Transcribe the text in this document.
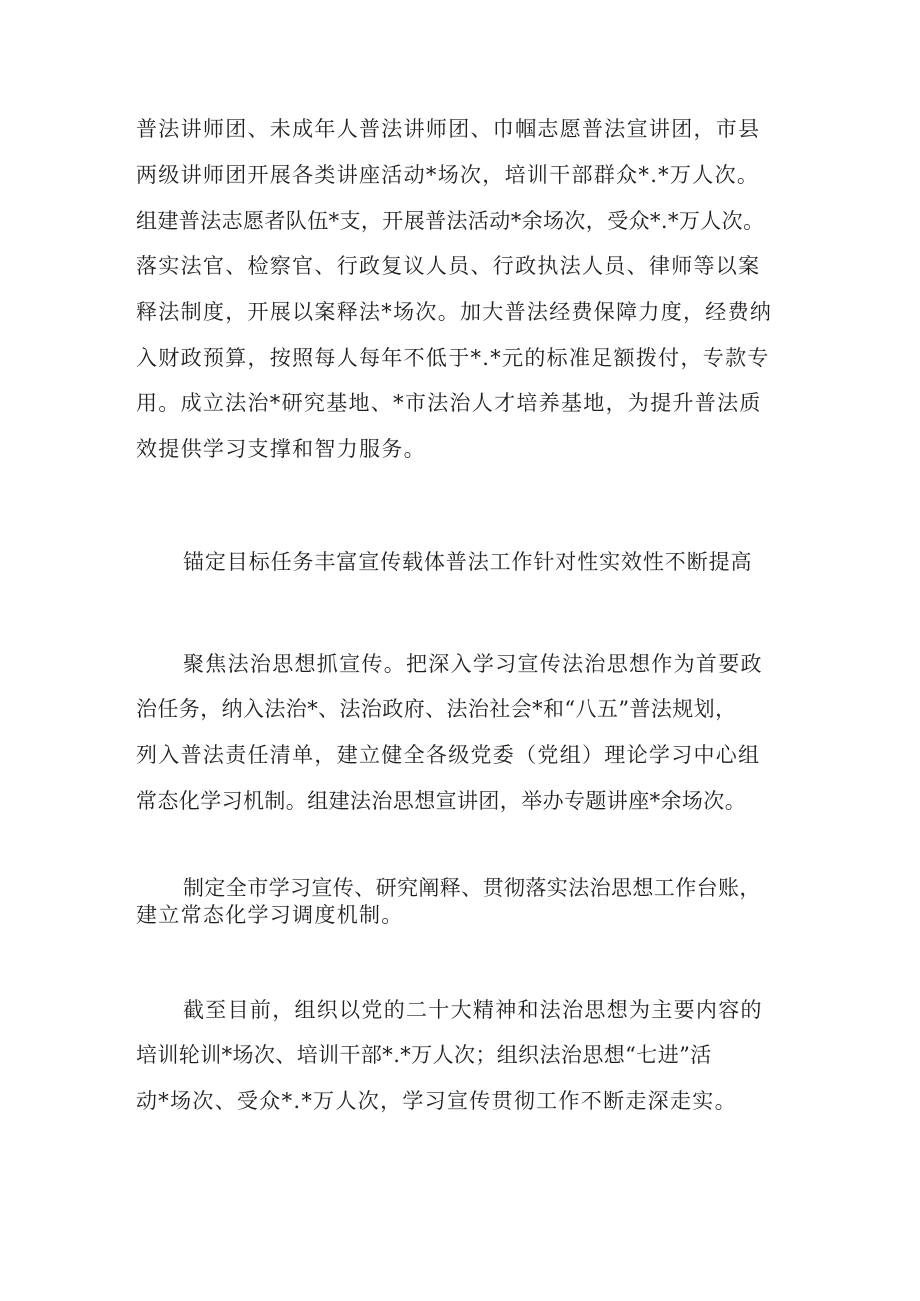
普法讲师团、未成年人普法讲师团、巾帼志愿普法宣讲团，市县
两级讲师团开展各类讲座活动*场次，培训干部群众*.*万人次。
组建普法志愿者队伍*支，开展普法活动*余场次，受众*.*万人次。
落实法官、检察官、行政复议人员、行政执法人员、律师等以案
释法制度，开展以案释法*场次。加大普法经费保障力度，经费纳
入财政预算，按照每人每年不低于*.*元的标准足额拨付，专款专
用。成立法治*研究基地、*市法治人才培养基地，为提升普法质
效提供学习支撑和智力服务。
锚定目标任务丰富宣传载体普法工作针对性实效性不断提高
聚焦法治思想抓宣传。把深入学习宣传法治思想作为首要政
治任务，纳入法治*、法治政府、法治社会*和“八五”普法规划，
列入普法责任清单，建立健全各级党委（党组）理论学习中心组
常态化学习机制。组建法治思想宣讲团，举办专题讲座*余场次。
制定全市学习宣传、研究阐释、贯彻落实法治思想工作台账，
建立常态化学习调度机制。
截至目前，组织以党的二十大精神和法治思想为主要内容的
培训轮训*场次、培训干部*.*万人次；组织法治思想“七进”活
动*场次、受众*.*万人次，学习宣传贯彻工作不断走深走实。
